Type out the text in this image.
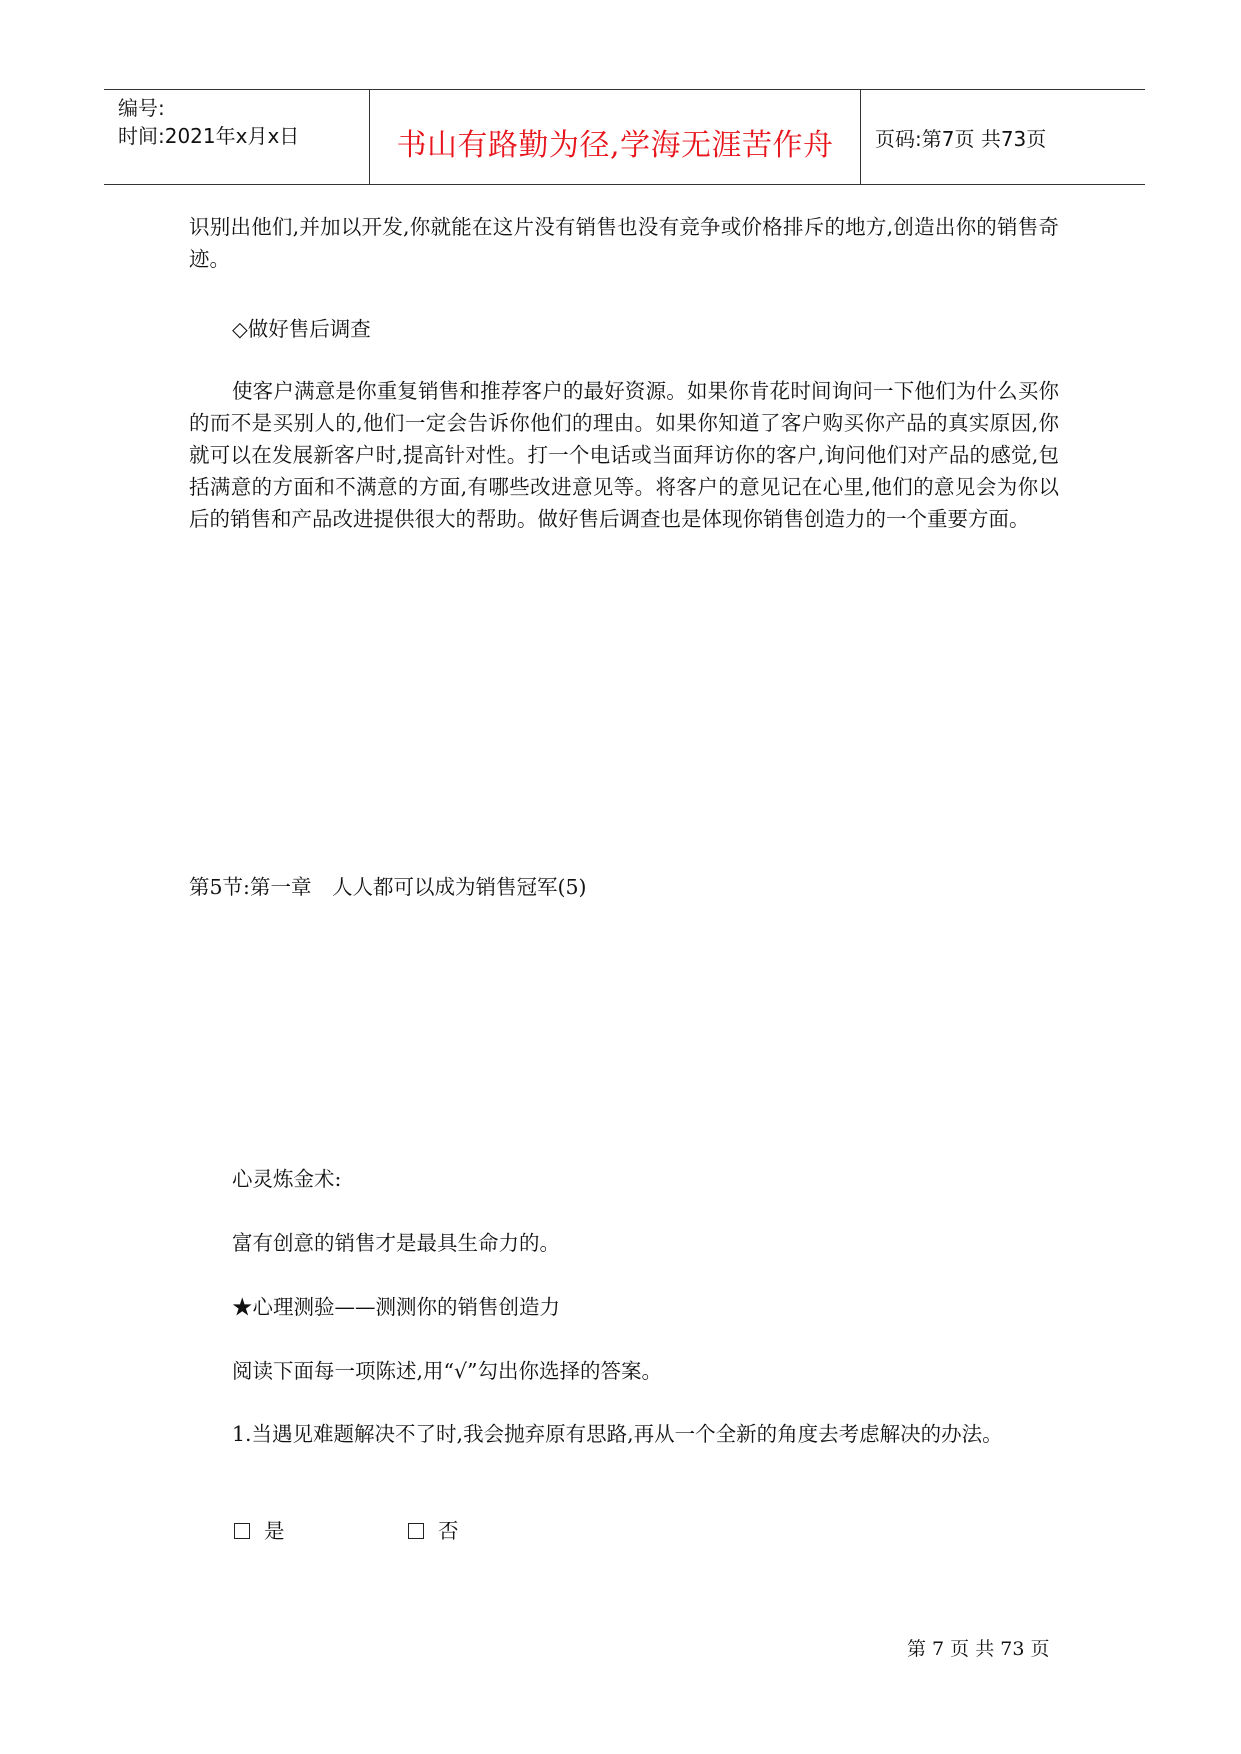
编号:
时间:2021年x月x日	书山有路勤为径,学海无涯苦作舟	页码:第7页 共73页
识别出他们,并加以开发,你就能在这片没有销售也没有竞争或价格排斥的地方,创造出你的销售奇迹。
◇做好售后调查
使客户满意是你重复销售和推荐客户的最好资源。如果你肯花时间询问一下他们为什么买你的而不是买别人的,他们一定会告诉你他们的理由。如果你知道了客户购买你产品的真实原因,你就可以在发展新客户时,提高针对性。打一个电话或当面拜访你的客户,询问他们对产品的感觉,包括满意的方面和不满意的方面,有哪些改进意见等。将客户的意见记在心里,他们的意见会为你以后的销售和产品改进提供很大的帮助。做好售后调查也是体现你销售创造力的一个重要方面。
第5节:第一章　人人都可以成为销售冠军(5)
心灵炼金术:
富有创意的销售才是最具生命力的。
★心理测验——测测你的销售创造力
阅读下面每一项陈述,用“√”勾出你选择的答案。
1.当遇见难题解决不了时,我会抛弃原有思路,再从一个全新的角度去考虑解决的办法。
是	否
第 7 页 共 73 页
